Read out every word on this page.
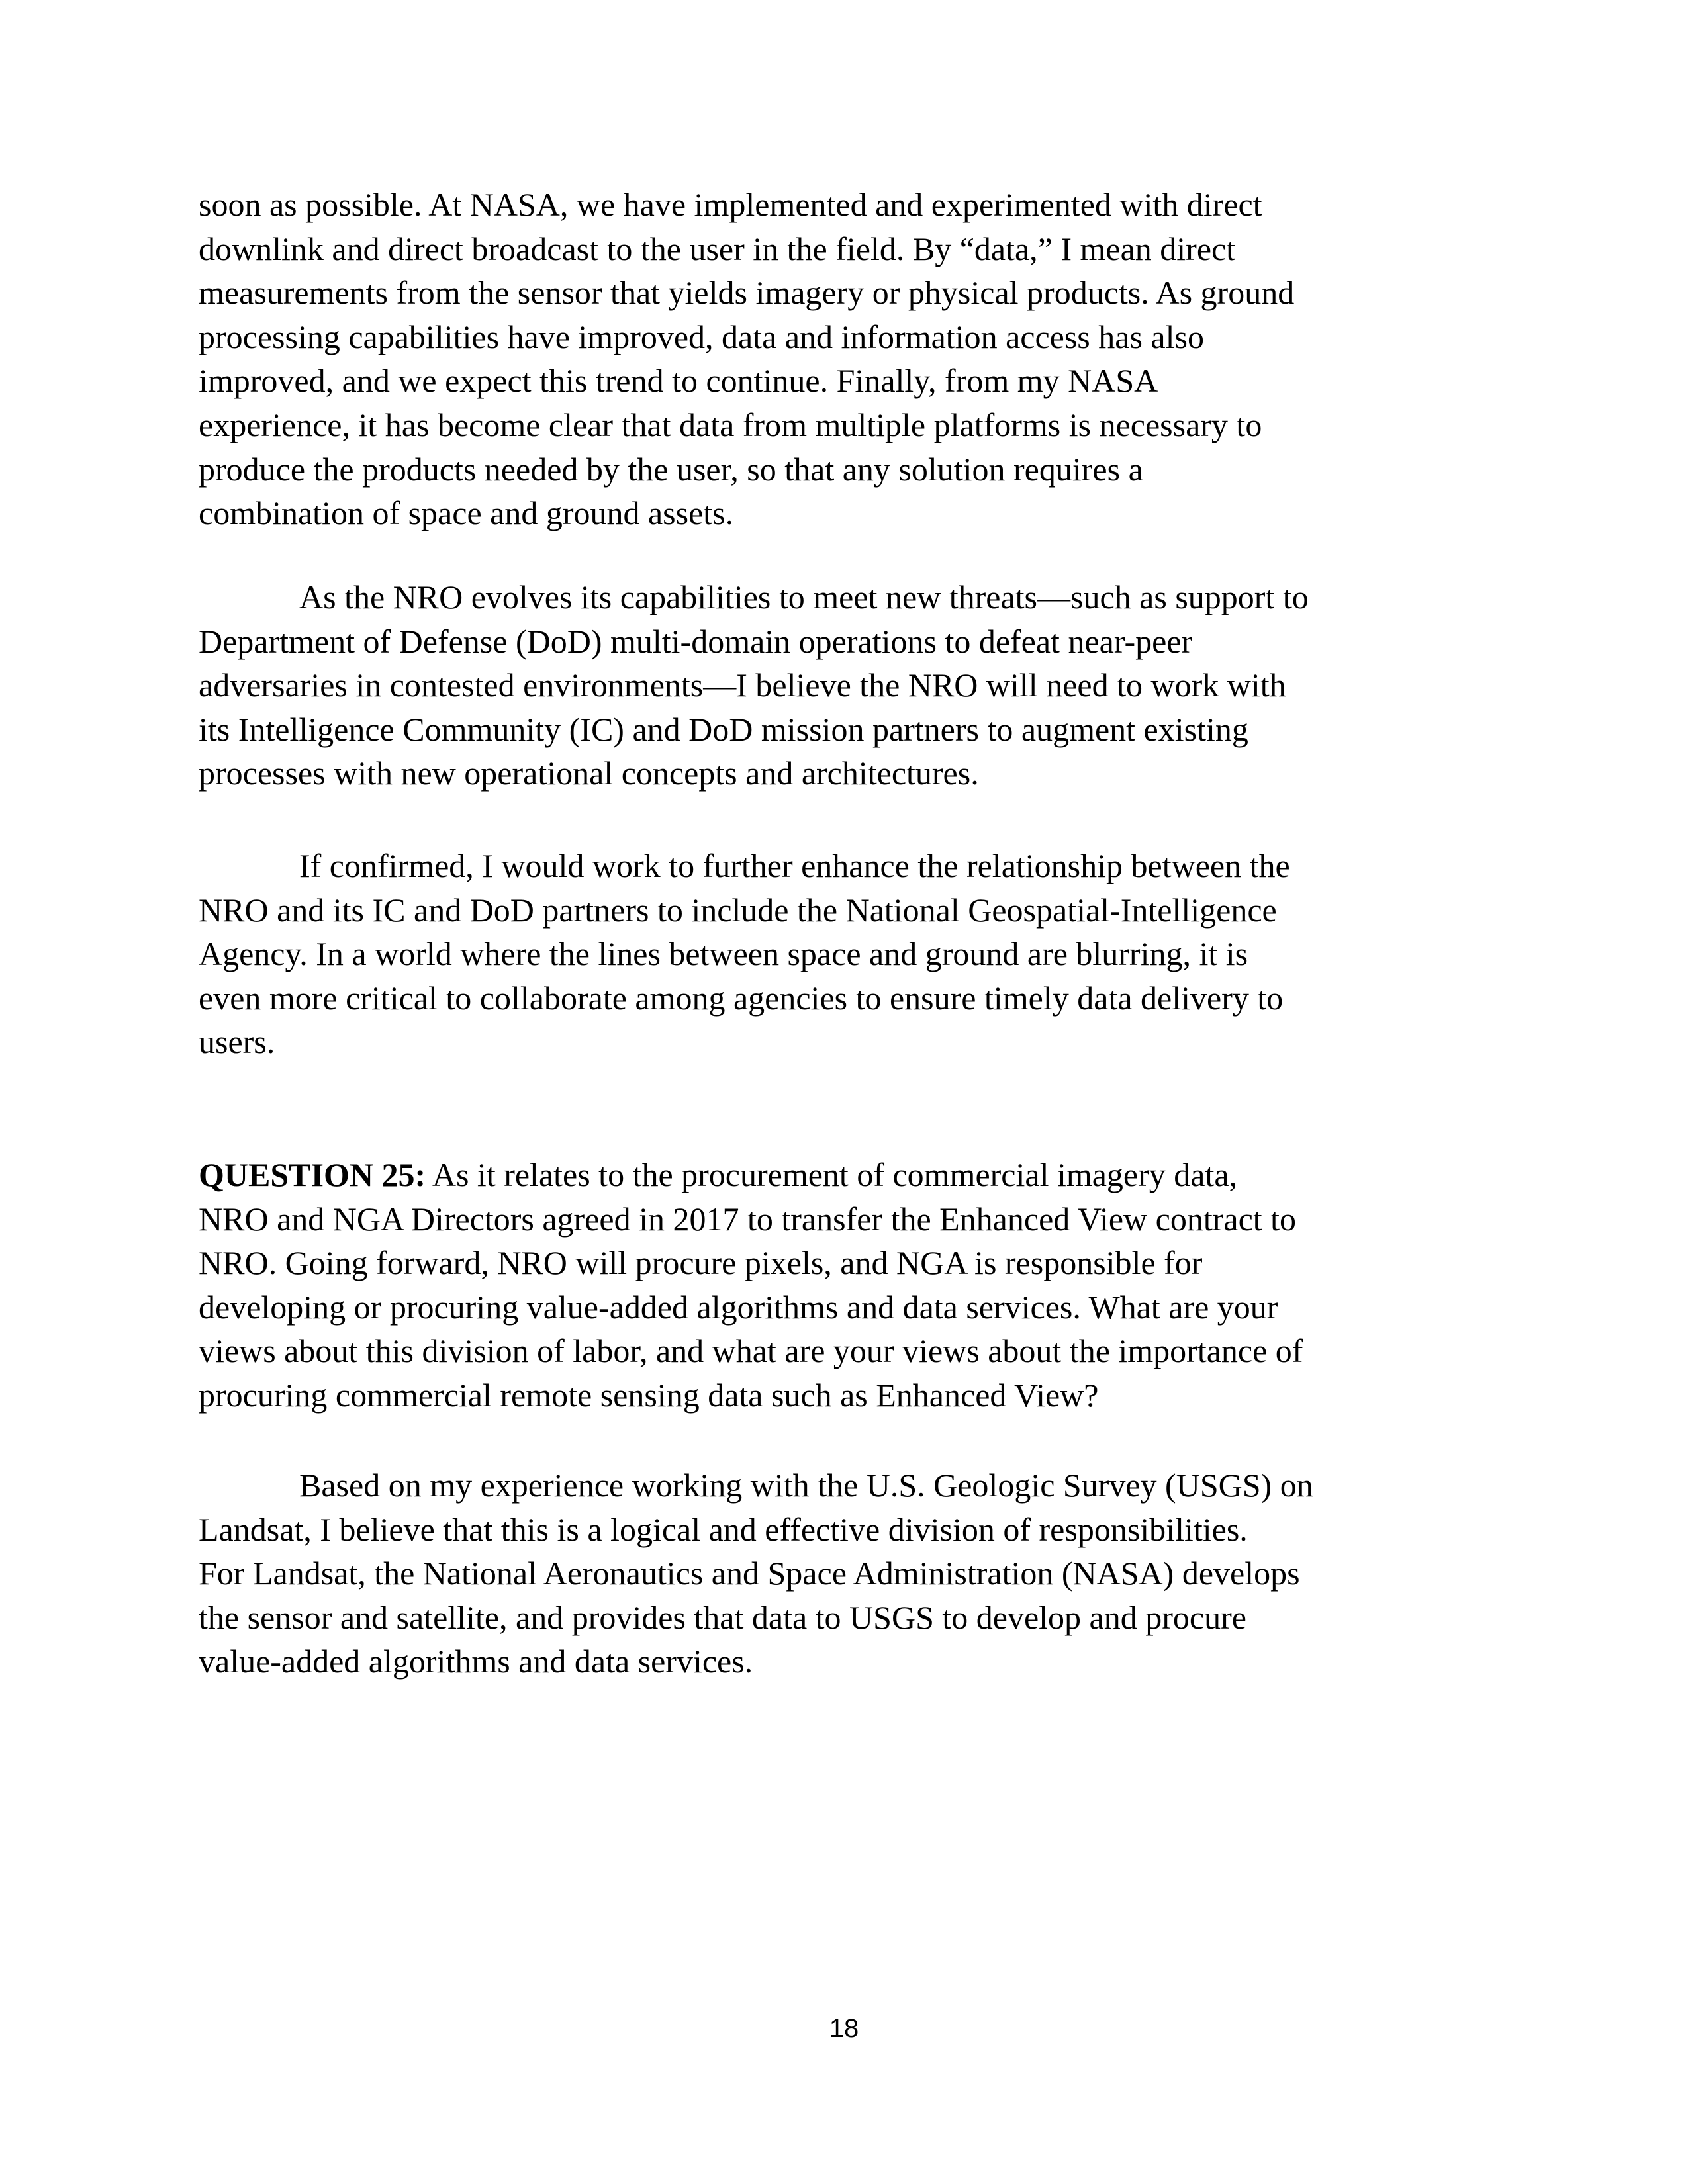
soon as possible. At NASA, we have implemented and experimented with direct
downlink and direct broadcast to the user in the field. By “data,” I mean direct
measurements from the sensor that yields imagery or physical products. As ground
processing capabilities have improved, data and information access has also
improved, and we expect this trend to continue. Finally, from my NASA
experience, it has become clear that data from multiple platforms is necessary to
produce the products needed by the user, so that any solution requires a
combination of space and ground assets.
As the NRO evolves its capabilities to meet new threats—such as support to
Department of Defense (DoD) multi-domain operations to defeat near-peer
adversaries in contested environments—I believe the NRO will need to work with
its Intelligence Community (IC) and DoD mission partners to augment existing
processes with new operational concepts and architectures.
If confirmed, I would work to further enhance the relationship between the
NRO and its IC and DoD partners to include the National Geospatial-Intelligence
Agency. In a world where the lines between space and ground are blurring, it is
even more critical to collaborate among agencies to ensure timely data delivery to
users.
QUESTION 25: As it relates to the procurement of commercial imagery data,
NRO and NGA Directors agreed in 2017 to transfer the Enhanced View contract to
NRO. Going forward, NRO will procure pixels, and NGA is responsible for
developing or procuring value-added algorithms and data services. What are your
views about this division of labor, and what are your views about the importance of
procuring commercial remote sensing data such as Enhanced View?
Based on my experience working with the U.S. Geologic Survey (USGS) on
Landsat, I believe that this is a logical and effective division of responsibilities.
For Landsat, the National Aeronautics and Space Administration (NASA) develops
the sensor and satellite, and provides that data to USGS to develop and procure
value-added algorithms and data services.
18
